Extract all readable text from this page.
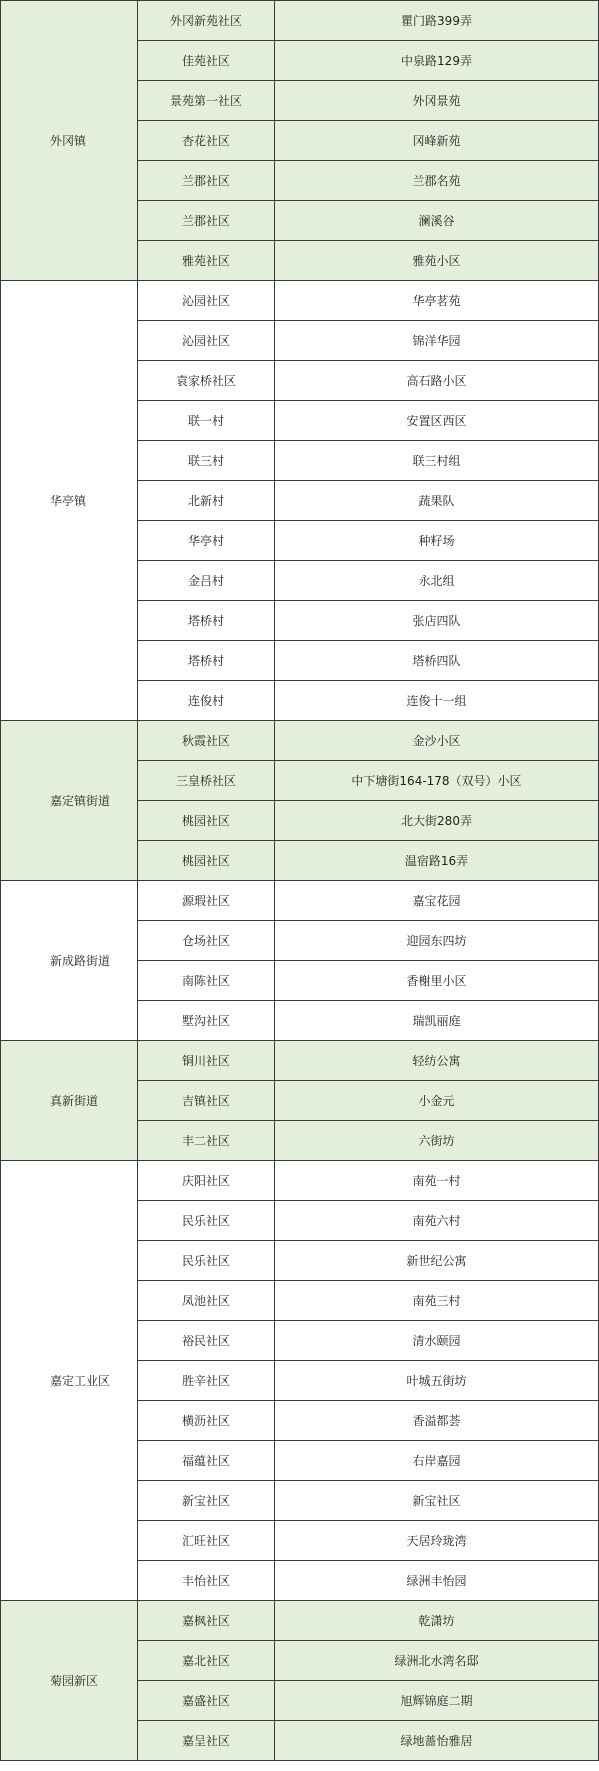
外冈镇	外冈新苑社区	瞿门路399弄
	佳苑社区	中泉路129弄
	景苑第一社区	外冈景苑
	杏花社区	冈峰新苑
	兰郡社区	兰郡名苑
	兰郡社区	澜溪谷
	雅苑社区	雅苑小区
华亭镇	沁园社区	华亭茗苑
	沁园社区	锦洋华园
	袁家桥社区	高石路小区
	联一村	安置区西区
	联三村	联三村组
	北新村	蔬果队
	华亭村	种籽场
	金吕村	永北组
	塔桥村	张店四队
	塔桥村	塔桥四队
	连俊村	连俊十一组
嘉定镇街道	秋霞社区	金沙小区
	三皇桥社区	中下塘街164-178（双号）小区
	桃园社区	北大街280弄
	桃园社区	温宿路16弄
新成路街道	源瑕社区	嘉宝花园
	仓场社区	迎园东四坊
	南陈社区	香榭里小区
	墅沟社区	瑞凯丽庭
真新街道	铜川社区	轻纺公寓
	吉镇社区	小金元
	丰二社区	六街坊
嘉定工业区	庆阳社区	南苑一村
	民乐社区	南苑六村
	民乐社区	新世纪公寓
	凤池社区	南苑三村
	裕民社区	清水颐园
	胜辛社区	叶城五街坊
	横沥社区	香溢都荟
	福蕴社区	右岸嘉园
	新宝社区	新宝社区
	汇旺社区	天居玲珑湾
	丰怡社区	绿洲丰怡园
菊园新区	嘉枫社区	乾潇坊
	嘉北社区	绿洲北水湾名邸
	嘉盛社区	旭辉锦庭二期
	嘉呈社区	绿地蔷怡雅居
